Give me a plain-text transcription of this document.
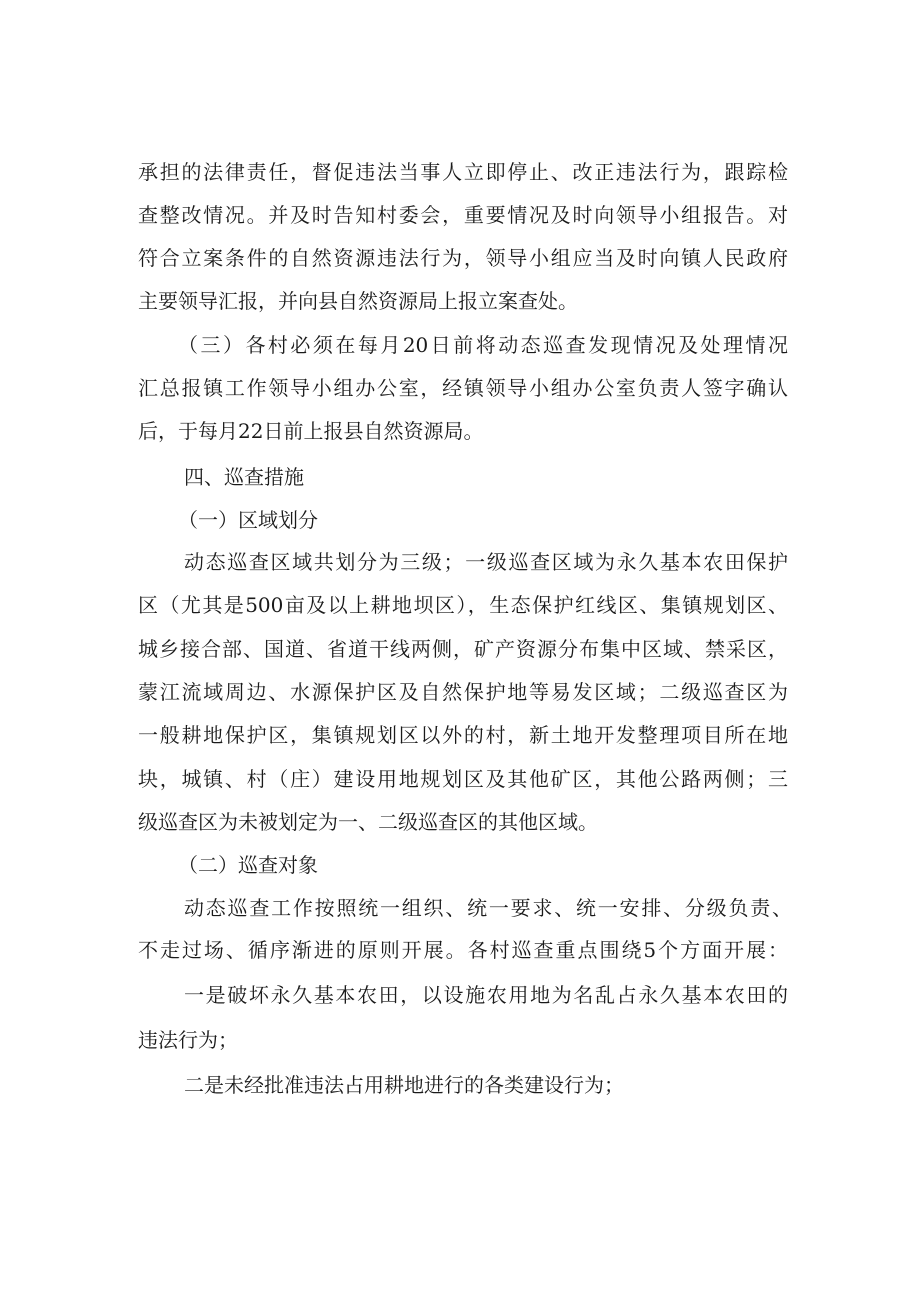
承担的法律责任，督促违法当事人立即停止、改正违法行为，跟踪检
查整改情况。并及时告知村委会，重要情况及时向领导小组报告。对
符合立案条件的自然资源违法行为，领导小组应当及时向镇人民政府
主要领导汇报，并向县自然资源局上报立案查处。
（三）各村必须在每月20日前将动态巡查发现情况及处理情况
汇总报镇工作领导小组办公室，经镇领导小组办公室负责人签字确认
后，于每月22日前上报县自然资源局。
四、巡查措施
（一）区域划分
动态巡查区域共划分为三级；一级巡查区域为永久基本农田保护
区（尤其是500亩及以上耕地坝区），生态保护红线区、集镇规划区、
城乡接合部、国道、省道干线两侧，矿产资源分布集中区域、禁采区，
蒙江流域周边、水源保护区及自然保护地等易发区域；二级巡查区为
一般耕地保护区，集镇规划区以外的村，新土地开发整理项目所在地
块，城镇、村（庄）建设用地规划区及其他矿区，其他公路两侧；三
级巡查区为未被划定为一、二级巡查区的其他区域。
（二）巡查对象
动态巡查工作按照统一组织、统一要求、统一安排、分级负责、
不走过场、循序渐进的原则开展。各村巡查重点围绕5个方面开展：
一是破坏永久基本农田，以设施农用地为名乱占永久基本农田的
违法行为；
二是未经批准违法占用耕地进行的各类建设行为；
